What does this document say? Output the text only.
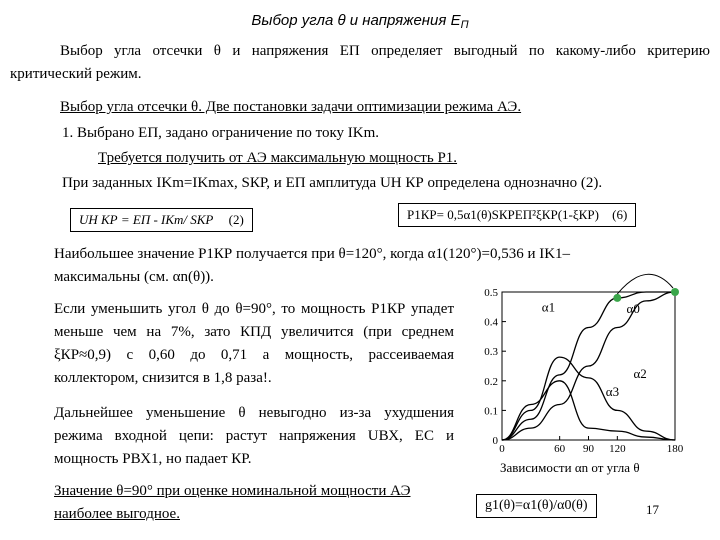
Выбор угла θ и напряжения $Е_П$
Выбор угла отсечки θ и напряжения ЕП определяет выгодный по какому-либо критерию критический режим.
Выбор угла отсечки θ. Две постановки задачи оптимизации режима АЭ.
1. Выбрано ЕП, задано ограничение по току IKm.
Требуется получить от АЭ максимальную мощность P1.
При заданных IKm=IKmax, SКР, и ЕП амплитуда UН КР определена однозначно (2).
UН КР = ЕП - IKm/ SКР (2)	P1КР= 0,5α1(θ)SКРЕП²ξКР(1-ξКР) (6)
Наибольшее значение Р1КР получается при θ=120°, когда α1(120°)=0,536 и IK1– максимальны (см. αn(θ)).
Если уменьшить угол θ до θ=90°, то мощность Р1КР упадет меньше чем на 7%, зато КПД увеличится (при среднем ξКР≈0,9) с 0,60 до 0,71 а мощность, рассеиваемая коллектором, снизится в 1,8 раза!.
Дальнейшее уменьшение θ невыгодно из-за ухудшения режима входной цепи: растут напряжения UВХ, ЕС и мощность РВХ1, но падает КР.
Значение θ=90° при оценке номинальной мощности АЭ наиболее выгодное.
0
0.1
0.2
0.3
0.4
0.5
0	60 90 120	180
α1	α0
α2
α3
Зависимости αn от угла θ
g1(θ)=α1(θ)/α0(θ)	17
